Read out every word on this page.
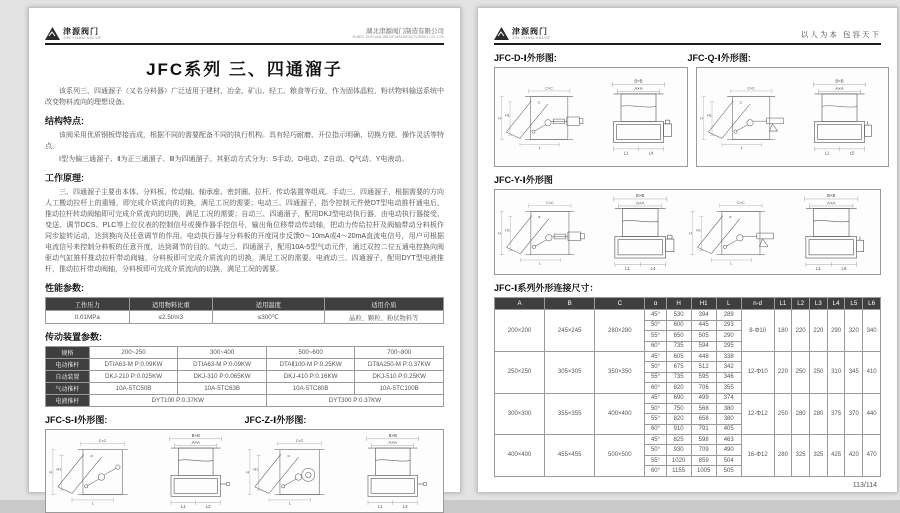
津源阀门
JIN YUAN VALVE
湖北津源阀门制造有限公司
HUBEI JINYUAN VALVE MANUFACTURING CO.,LTD
JFC系列 三、四通溜子

该系列三、四通溜子（又名分料器）广泛适用于建材、冶金、矿山、轻工、粮食等行业，作为固体晶粒、粉状物料输送系统中改变物料流向的理想设备。

结构特点:

该阀采用优质钢板焊接而成，根据不同的需要配备不同的执行机构。具有轻巧耐磨、开位指示明确、切换方便、操作灵活等特点。

Ⅰ型为偏三通溜子、Ⅱ为正三通溜子、Ⅲ为四通溜子。其驱动方式分为：S手动、D电动、Z自动、Q气动、Y电液动。

工作原理:

三、四通溜子主要由本体、分料板、传动轴、轴承座、密封圈、拉杆、传动装置等组成。手动三、四通溜子，根据需要的方向人工搬动拉杆上的重锤，即完成介质流向的切换，满足工况的需要；电动三、四通溜子，指令控制元件使DT型电动推杆通电后，推动拉杆转动阀轴即可完成介质流向的切换，满足工况的需要；自动三、四通溜子，配用DKJ型电动执行器，由电动执行器接受、变送、调节DCS、PLC等上位仪表的控制信号或操作器手控信号，输出角位移带动传动轴，把动力传给拉杆及阀轴带动分料板作同步旋转运动，达到换向及任意调节的作用。电动执行器与分料板的开度同步反馈0～10mA或4～20mA直流电信号，用户可根据电流信号来控制分料板的任意开度，达到调节的目的。气动三、四通溜子，配用10A-5型气动元件，通过双控二位五通电控换向阀驱动气缸推杆推动拉杆带动阀轴，分料板即可完成介质流向的切换，满足工况的需要。电液动三、四通溜子，配用DYT型电液推杆，推动拉杆带动阀轴，分料板即可完成介质流向的切换，满足工况的需要。

性能参数:
工作压力	适用物料比重	适用温度	适用介质
0.01MPa	≤2.5t/m3	≤300℃	晶粒、颗粒、粉状物料等
传动装置参数:
规格	200~250	300~400	500~600	700~800
电动推杆	DTⅠA63-M P:0.09KW	DTⅠA63-M P:0.09KW	DTAⅡ100-M P:0.25KW	DTⅡA250-M P:0.37KW
自动装置	DKJ-210 P:0.025KW	DKJ-310 P:0.065KW	DKJ-410 P:0.16KW	DKJ-510 P:0.25KW
气动推杆	10A-5TC50B	10A-5TC63B	10A-5TC80B	10A-5TC100B
电液推杆	DYT100 P:0.37KW		DYT300 P:0.37KW	
JFC-S-Ⅰ外形图:	JFC-Z-Ⅰ外形图:
C×C
H
H1
L
α
B×B
A×A
L1	L2
C×C
H
H1
L
α
B×B
A×A
L1	L3
津源阀门
JIN YUAN VALVE	以人为本 包容天下
JFC-D-Ⅰ外形图:	JFC-Q-Ⅰ外形图:
C×C
H
H1
L
α
B×B
A×A
L1	L4
C×C
H
H1
L
α
B×B
A×A
L1	L5
JFC-Y-Ⅰ外形图
C×C
H
H1
L
α
B×B
A×A
L1	L4
C×C
H
H1
L
α
B×B
A×A
L1	L6
JFC-Ⅰ系列外形连接尺寸：
A	B	C	α	H	H1	L	n-d	L1	L2	L3	L4	L5	L6
200×200	245×245	280×280	45°	530	394	289	8-Φ10	180	220	220	290	320	340
			50°	600	445	293							
			55°	650	505	290							
			60°	735	594	295							
250×250	305×305	350×350	45°	605	448	338	12-Φ10	220	250	250	310	345	410
			50°	675	512	342							
			55°	735	595	346							
			60°	820	706	355							
300×300	355×355	400×400	45°	690	499	374	12-Φ12	250	280	280	375	370	440
			50°	750	568	380							
			55°	820	658	380							
			60°	910	791	405							
400×400	455×455	500×500	45°	825	598	463	16-Φ12	280	325	325	425	420	470
			50°	930	709	490							
			55°	1020	859	504							
			60°	1155	1005	505							
113/114
